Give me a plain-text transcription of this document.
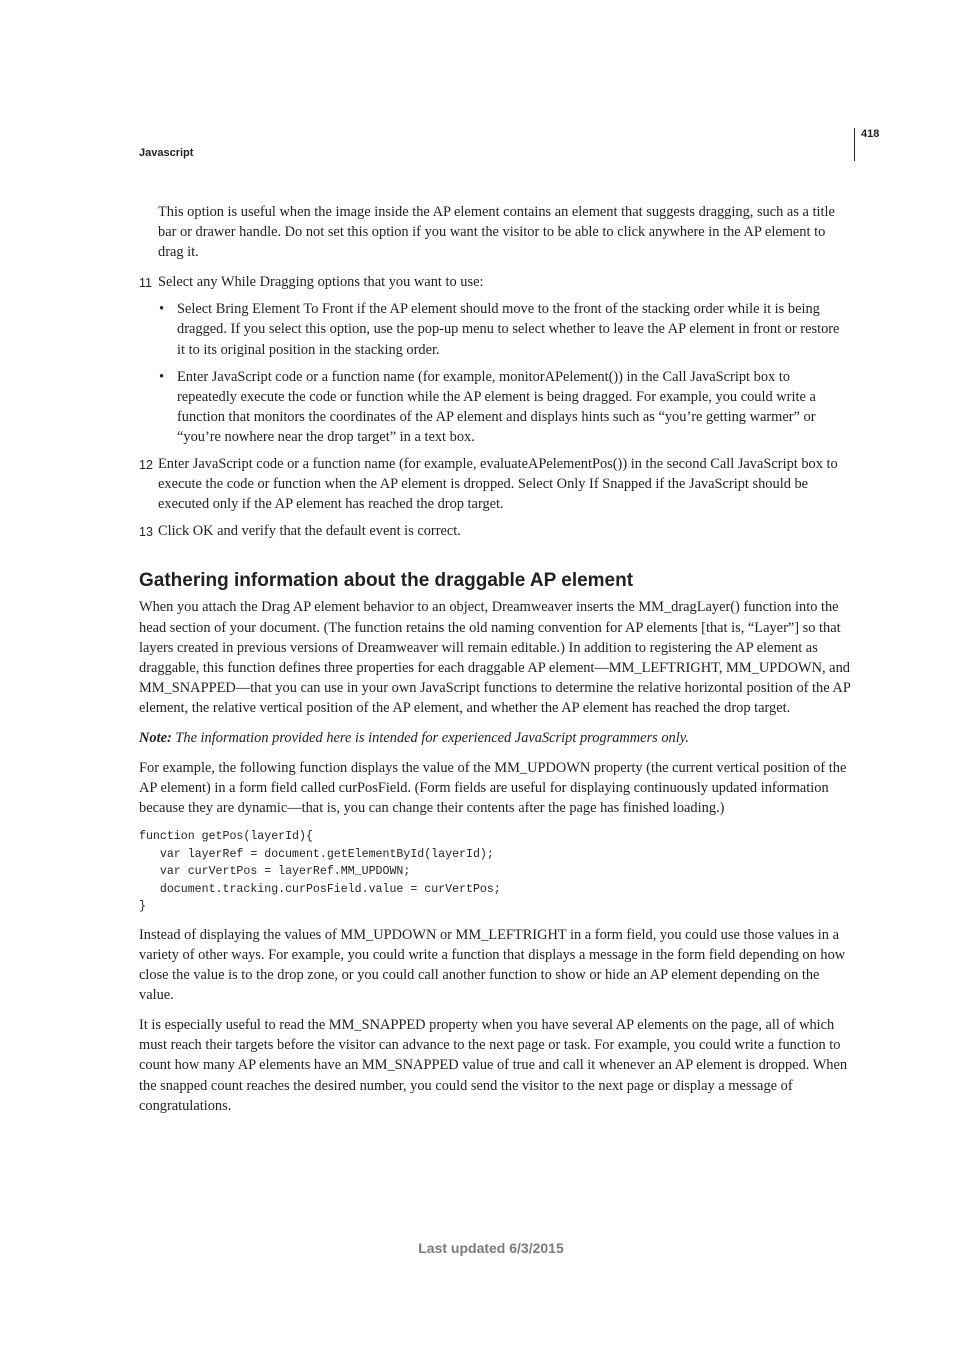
418
Javascript

This option is useful when the image inside the AP element contains an element that suggests dragging, such as a title bar or drawer handle. Do not set this option if you want the visitor to be able to click anywhere in the AP element to drag it.

11 Select any While Dragging options that you want to use:
• Select Bring Element To Front if the AP element should move to the front of the stacking order while it is being dragged. If you select this option, use the pop-up menu to select whether to leave the AP element in front or restore it to its original position in the stacking order.
• Enter JavaScript code or a function name (for example, monitorAPelement()) in the Call JavaScript box to repeatedly execute the code or function while the AP element is being dragged. For example, you could write a function that monitors the coordinates of the AP element and displays hints such as “you’re getting warmer” or “you’re nowhere near the drop target” in a text box.
12 Enter JavaScript code or a function name (for example, evaluateAPelementPos()) in the second Call JavaScript box to execute the code or function when the AP element is dropped. Select Only If Snapped if the JavaScript should be executed only if the AP element has reached the drop target.
13 Click OK and verify that the default event is correct.
Gathering information about the draggable AP element

When you attach the Drag AP element behavior to an object, Dreamweaver inserts the MM_dragLayer() function into the head section of your document. (The function retains the old naming convention for AP elements [that is, “Layer”] so that layers created in previous versions of Dreamweaver will remain editable.) In addition to registering the AP element as draggable, this function defines three properties for each draggable AP element—MM_LEFTRIGHT, MM_UPDOWN, and MM_SNAPPED—that you can use in your own JavaScript functions to determine the relative horizontal position of the AP element, the relative vertical position of the AP element, and whether the AP element has reached the drop target.

Note: The information provided here is intended for experienced JavaScript programmers only.

For example, the following function displays the value of the MM_UPDOWN property (the current vertical position of the AP element) in a form field called curPosField. (Form fields are useful for displaying continuously updated information because they are dynamic—that is, you can change their contents after the page has finished loading.)

function getPos(layerId){
var layerRef = document.getElementById(layerId);
var curVertPos = layerRef.MM_UPDOWN;
document.tracking.curPosField.value = curVertPos;
}

Instead of displaying the values of MM_UPDOWN or MM_LEFTRIGHT in a form field, you could use those values in a variety of other ways. For example, you could write a function that displays a message in the form field depending on how close the value is to the drop zone, or you could call another function to show or hide an AP element depending on the value.

It is especially useful to read the MM_SNAPPED property when you have several AP elements on the page, all of which must reach their targets before the visitor can advance to the next page or task. For example, you could write a function to count how many AP elements have an MM_SNAPPED value of true and call it whenever an AP element is dropped. When the snapped count reaches the desired number, you could send the visitor to the next page or display a message of congratulations.

Last updated 6/3/2015
